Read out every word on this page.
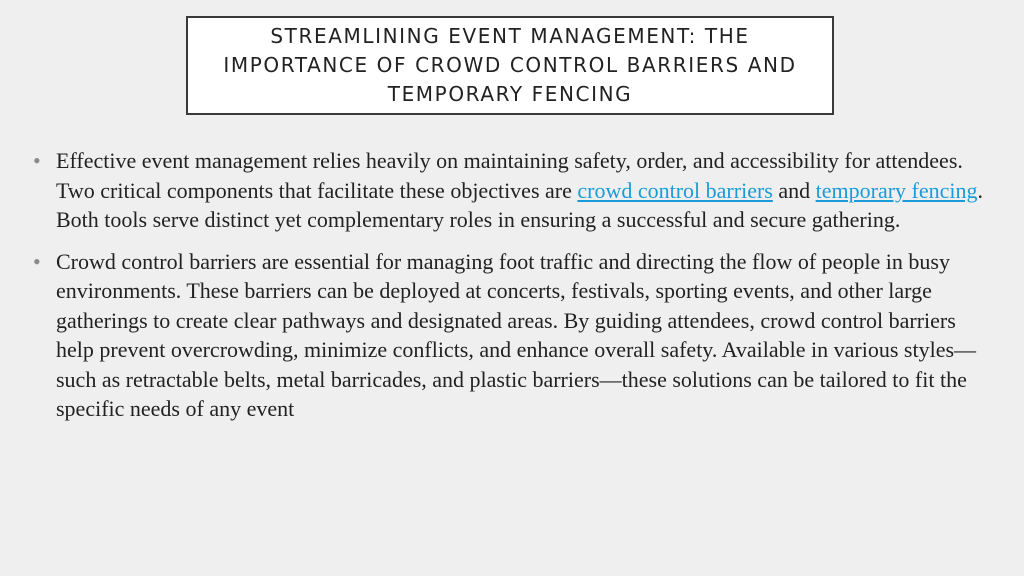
STREAMLINING EVENT MANAGEMENT: THE IMPORTANCE OF CROWD CONTROL BARRIERS AND TEMPORARY FENCING

• Effective event management relies heavily on maintaining safety, order, and accessibility for attendees. Two critical components that facilitate these objectives are crowd control barriers and temporary fencing. Both tools serve distinct yet complementary roles in ensuring a successful and secure gathering.
• Crowd control barriers are essential for managing foot traffic and directing the flow of people in busy environments. These barriers can be deployed at concerts, festivals, sporting events, and other large gatherings to create clear pathways and designated areas. By guiding attendees, crowd control barriers help prevent overcrowding, minimize conflicts, and enhance overall safety. Available in various styles—such as retractable belts, metal barricades, and plastic barriers—these solutions can be tailored to fit the specific needs of any event
